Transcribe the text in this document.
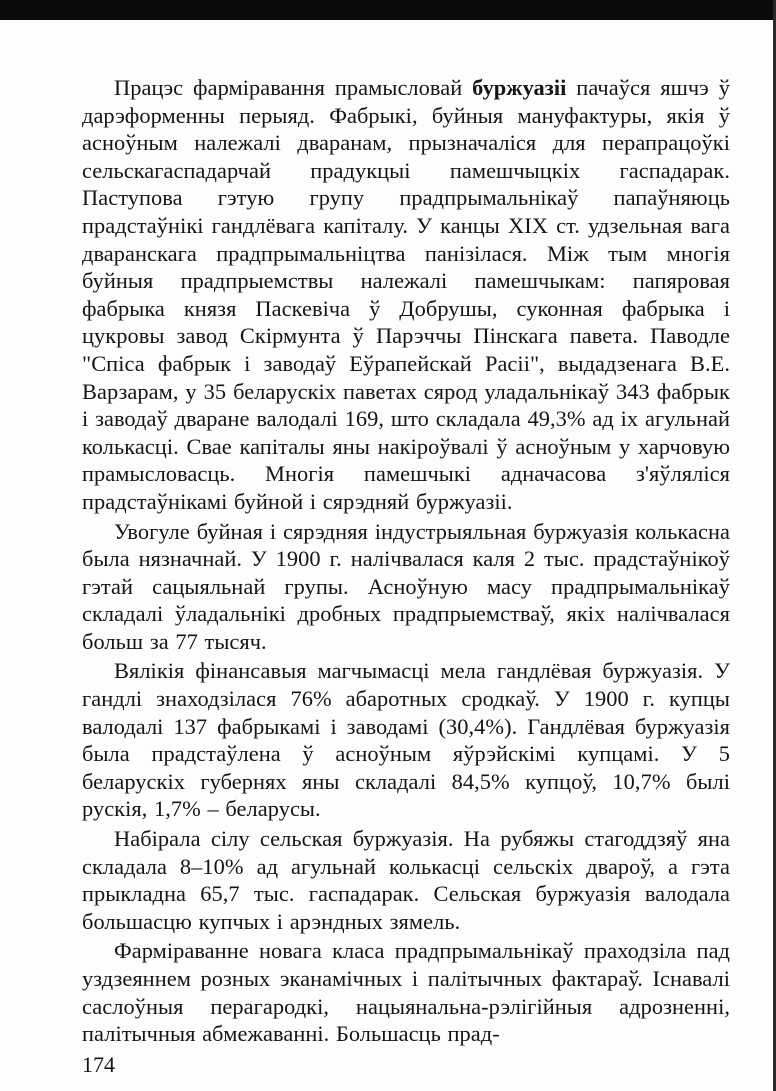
Працэс фарміравання прамысловай буржуазіі пачаўся яшчэ ў дарэформенны перыяд. Фабрыкі, буйныя мануфактуры, якія ў асноўным належалі дваранам, прызначаліся для перапрацоўкі сельскагаспадарчай прадукцыі памешчыцкіх гаспадарак. Паступова гэтую групу прадпрымальнікаў папаўняюць прадстаўнікі гандлёвага капіталу. У канцы XIX ст. удзельная вага дваранскага прадпрымальніцтва панізілася. Між тым многія буйныя прадпрыемствы належалі памешчыкам: папяровая фабрыка князя Паскевіча ў Добрушы, суконная фабрыка і цукровы завод Скірмунта ў Парэччы Пінскага павета. Паводле "Спіса фабрык і заводаў Еўрапейскай Расіі", выдадзенага В.Е. Варзарам, у 35 беларускіх паветах сярод уладальнікаў 343 фабрык і заводаў дваране валодалі 169, што складала 49,3% ад іх агульнай колькасці. Свае капіталы яны накіроўвалі ў асноўным у харчовую прамысловасць. Многія памешчыкі адначасова з'яўляліся прадстаўнікамі буйной і сярэдняй буржуазіі.

Увогуле буйная і сярэдняя індустрыяльная буржуазія колькасна была нязначнай. У 1900 г. налічвалася каля 2 тыс. прадстаўнікоў гэтай сацыяльнай групы. Асноўную масу прадпрымальнікаў складалі ўладальнікі дробных прадпрыемстваў, якіх налічвалася больш за 77 тысяч.

Вялікія фінансавыя магчымасці мела гандлёвая буржуазія. У гандлі знаходзілася 76% абаротных сродкаў. У 1900 г. купцы валодалі 137 фабрыкамі і заводамі (30,4%). Гандлёвая буржуазія была прадстаўлена ў асноўным яўрэйскімі купцамі. У 5 беларускіх губернях яны складалі 84,5% купцоў, 10,7% былі рускія, 1,7% – беларусы.

Набірала сілу сельская буржуазія. На рубяжы стагоддзяў яна складала 8–10% ад агульнай колькасці сельскіх двароў, а гэта прыкладна 65,7 тыс. гаспадарак. Сельская буржуазія валодала большасцю купчых і арэндных зямель.

Фарміраванне новага класа прадпрымальнікаў праходзіла пад уздзеяннем розных эканамічных і палітычных фактараў. Існавалі саслоўныя перагародкі, нацыянальна-рэлігійныя адрозненні, палітычныя абмежаванні. Большасць прад-

174
